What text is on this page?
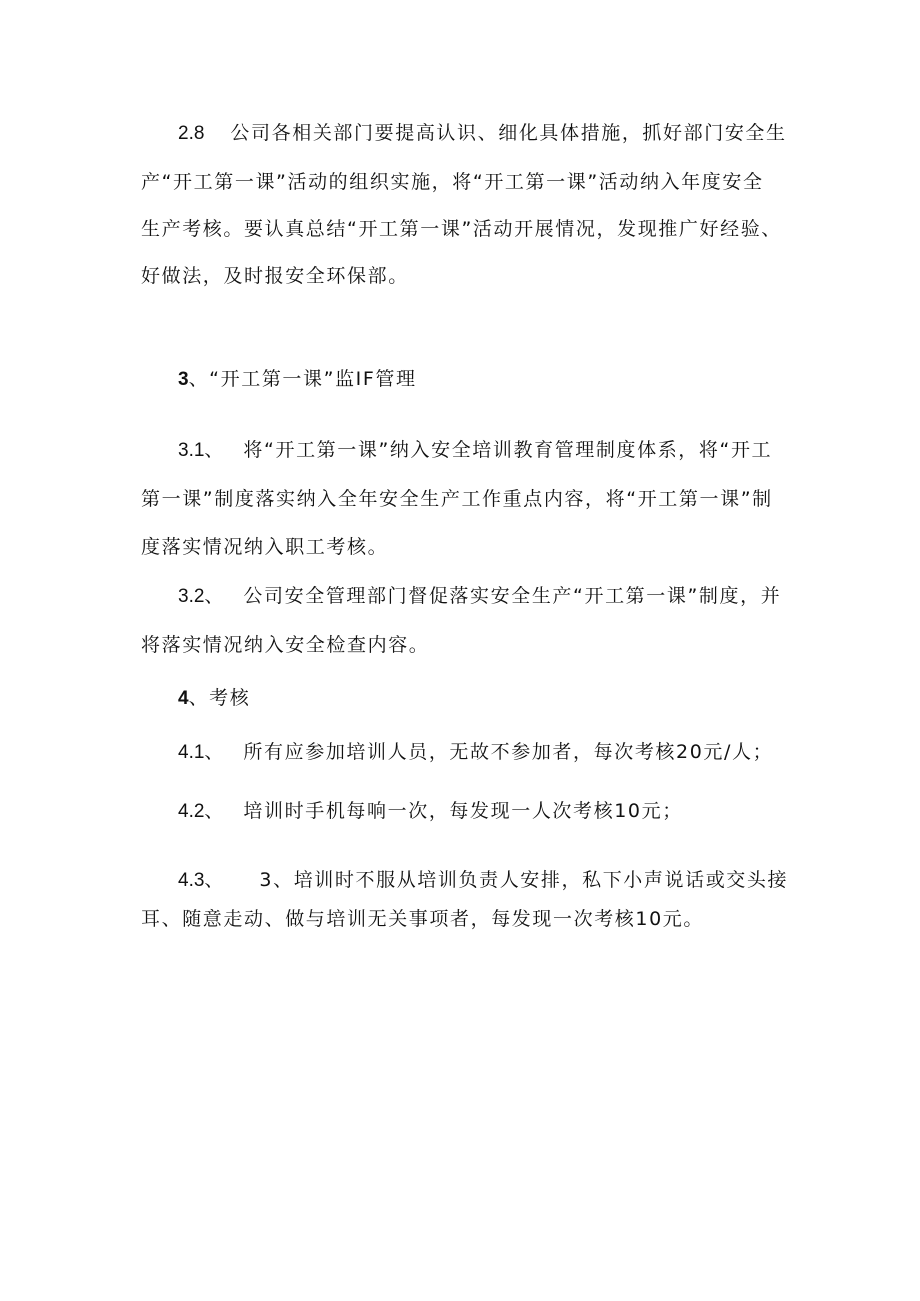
2.8 公司各相关部门要提高认识、细化具体措施，抓好部门安全生
产“开工第一课”活动的组织实施，将“开工第一课”活动纳入年度安全
生产考核。要认真总结“开工第一课”活动开展情况，发现推广好经验、
好做法，及时报安全环保部。
3、“开工第一课”监IF管理
3.1、 将“开工第一课”纳入安全培训教育管理制度体系，将“开工
第一课”制度落实纳入全年安全生产工作重点内容，将“开工第一课”制
度落实情况纳入职工考核。
3.2、 公司安全管理部门督促落实安全生产“开工第一课”制度，并
将落实情况纳入安全检查内容。
4、考核
4.1、 所有应参加培训人员，无故不参加者，每次考核20元/人；
4.2、 培训时手机每响一次，每发现一人次考核10元；
4.3、 3、培训时不服从培训负责人安排，私下小声说话或交头接
耳、随意走动、做与培训无关事项者，每发现一次考核10元。
